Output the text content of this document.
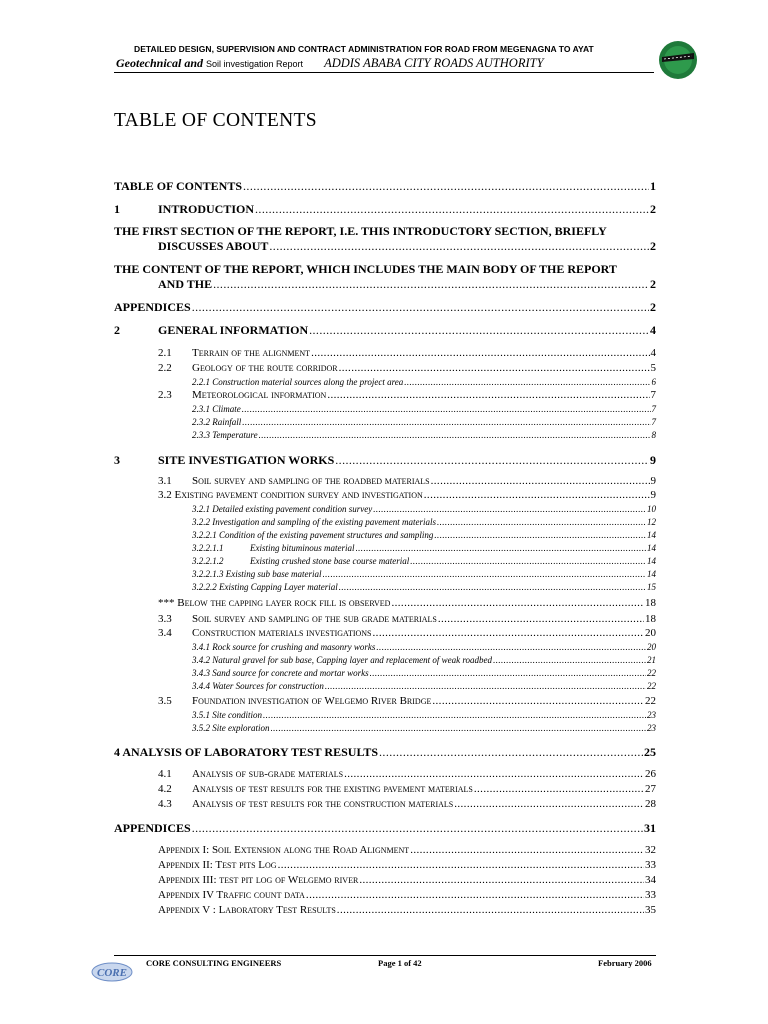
DETAILED DESIGN, SUPERVISION AND CONTRACT ADMINISTRATION FOR ROAD FROM MEGENAGNA TO AYAT
Geotechnical and Soil investigation Report ADDIS ABABA CITY ROADS AUTHORITY
TABLE OF CONTENTS
TABLE OF CONTENTS .....	1
1	INTRODUCTION .....	2
THE FIRST SECTION OF THE REPORT, I.E. THIS INTRODUCTORY SECTION, BRIEFLY
DISCUSSES ABOUT .....	2
THE CONTENT OF THE REPORT, WHICH INCLUDES THE MAIN BODY OF THE REPORT
AND THE .....	2
APPENDICES .....	2
2	GENERAL INFORMATION .....	4
2.1	Terrain of the alignment .....	4
2.2	Geology of the route corridor .....	5
2.2.1 Construction material sources along the project area .....	6
2.3	Meteorological information .....	7
2.3.1 Climate .....	7
2.3.2 Rainfall .....	7
2.3.3 Temperature .....	8
3	SITE INVESTIGATION WORKS .....	9
3.1	Soil survey and sampling of the roadbed materials .....	9
3.2 Existing pavement condition survey and investigation .....	9
3.2.1 Detailed existing pavement condition survey .....	10
3.2.2 Investigation and sampling of the existing pavement materials .....	12
3.2.2.1 Condition of the existing pavement structures and sampling .....	14
3.2.2.1.1	Existing bituminous material .....	14
3.2.2.1.2	Existing crushed stone base course material .....	14
3.2.2.1.3 Existing sub base material .....	14
3.2.2.2 Existing Capping Layer material .....	15
*** Below the capping layer rock fill is observed .....	18
3.3	Soil survey and sampling of the sub grade materials .....	18
3.4	Construction materials investigations .....	20
3.4.1 Rock source for crushing and masonry works .....	20
3.4.2 Natural gravel for sub base, Capping layer and replacement of weak roadbed .....	21
3.4.3 Sand source for concrete and mortar works .....	22
3.4.4 Water Sources for construction .....	22
3.5	Foundation investigation of Welgemo River Bridge .....	22
3.5.1 Site condition .....	23
3.5.2 Site exploration .....	23
4 ANALYSIS OF LABORATORY TEST RESULTS .....	25
4.1	Analysis of sub-grade materials .....	26
4.2	Analysis of test results for the existing pavement materials .....	27
4.3	Analysis of test results for the construction materials .....	28
APPENDICES .....	31
Appendix I: Soil Extension along the Road Alignment .....	32
Appendix II: Test pits Log .....	33
Appendix III: test pit log of Welgemo river .....	34
Appendix IV Traffic count data .....	33
Appendix V : Laboratory Test Results .....	35
CORE
CORE CONSULTING ENGINEERS	Page 1 of 42	February 2006
